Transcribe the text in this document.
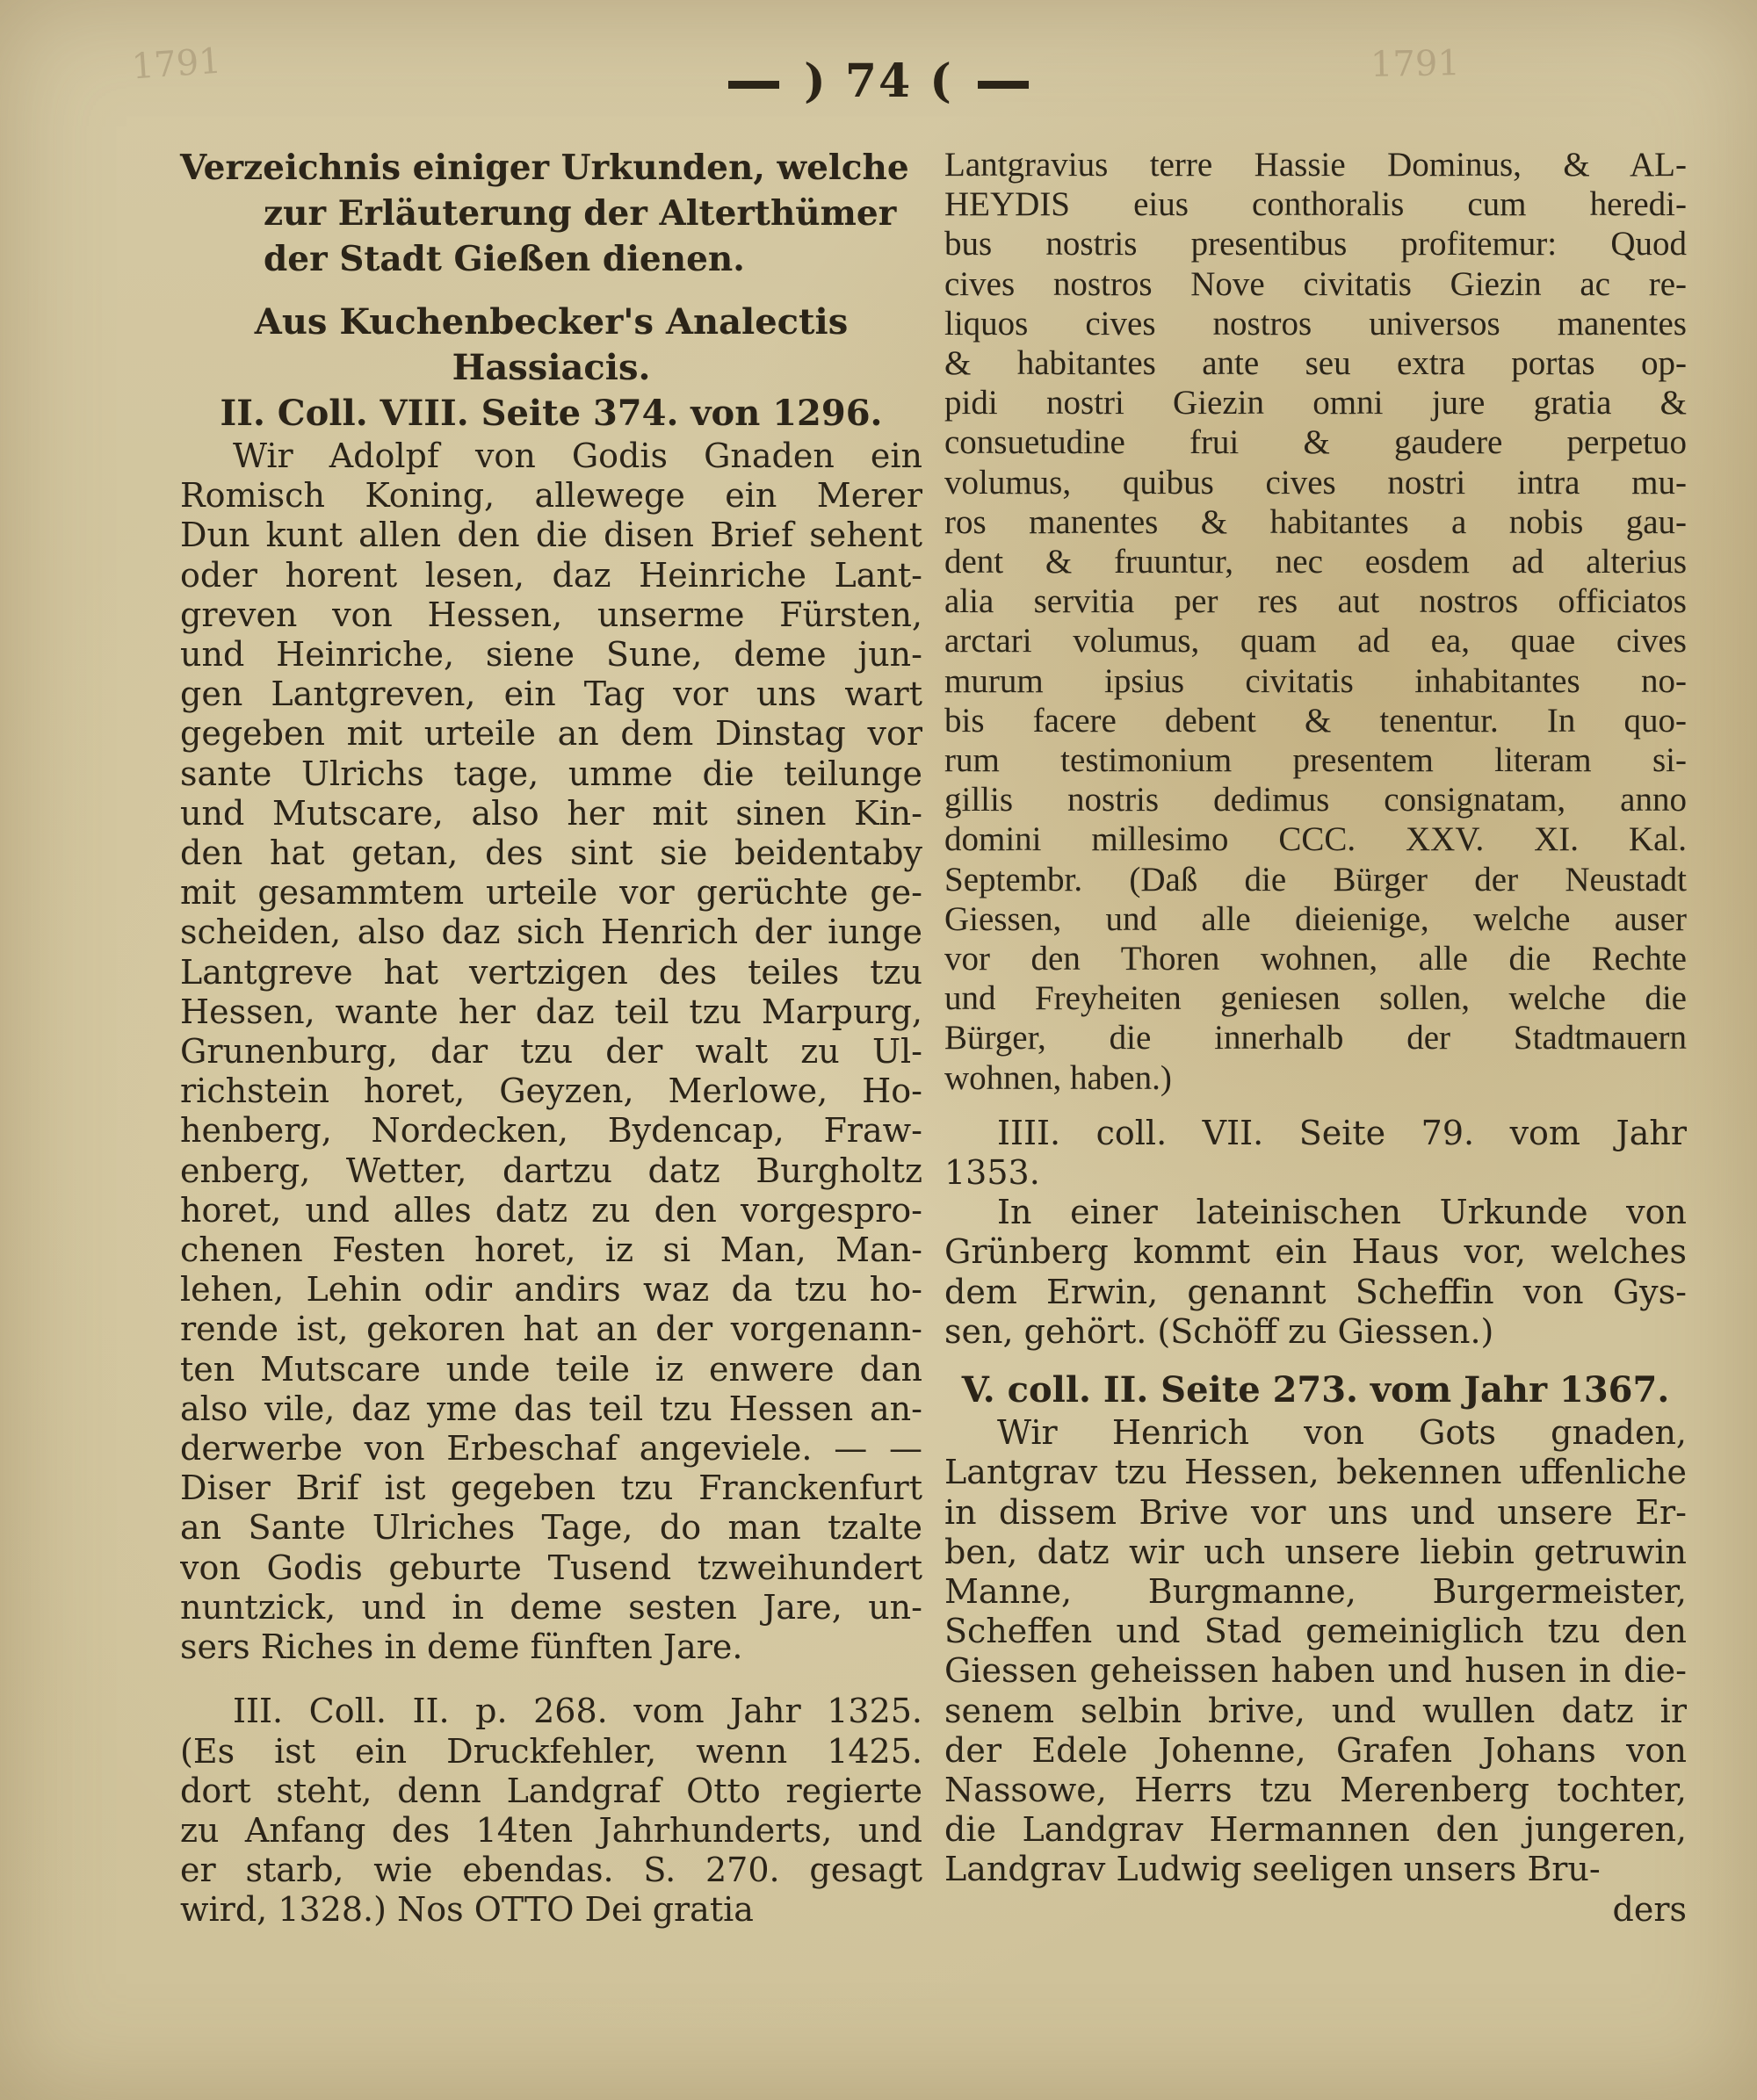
1791	1791
) 74 (
Verzeichnis einiger Urkunden, welche zur Erläuterung der Alterthümer der Stadt Gießen dienen.
Aus Kuchenbecker's Analectis Hassiacis.
II. Coll. VIII. Seite 374. von 1296.
Wir Adolpf von Godis Gnaden ein
Romisch Koning, allewege ein Merer
Dun kunt allen den die disen Brief sehent
oder horent lesen, daz Heinriche Lant-
greven von Hessen, unserme Fürsten,
und Heinriche, siene Sune, deme jun-
gen Lantgreven, ein Tag vor uns wart
gegeben mit urteile an dem Dinstag vor
sante Ulrichs tage, umme die teilunge
und Mutscare, also her mit sinen Kin-
den hat getan, des sint sie beidentaby
mit gesammtem urteile vor gerüchte ge-
scheiden, also daz sich Henrich der iunge
Lantgreve hat vertzigen des teiles tzu
Hessen, wante her daz teil tzu Marpurg,
Grunenburg, dar tzu der walt zu Ul-
richstein horet, Geyzen, Merlowe, Ho-
henberg, Nordecken, Bydencap, Fraw-
enberg, Wetter, dartzu datz Burgholtz
horet, und alles datz zu den vorgespro-
chenen Festen horet, iz si Man, Man-
lehen, Lehin odir andirs waz da tzu ho-
rende ist, gekoren hat an der vorgenann-
ten Mutscare unde teile iz enwere dan
also vile, daz yme das teil tzu Hessen an-
derwerbe von Erbeschaf angeviele. — —
Diser Brif ist gegeben tzu Franckenfurt
an Sante Ulriches Tage, do man tzalte
von Godis geburte Tusend tzweihundert
nuntzick, und in deme sesten Jare, un-
sers Riches in deme fünften Jare.
III. Coll. II. p. 268. vom Jahr 1325.
(Es ist ein Druckfehler, wenn 1425.
dort steht, denn Landgraf Otto regierte
zu Anfang des 14ten Jahrhunderts, und
er starb, wie ebendas. S. 270. gesagt
wird, 1328.) Nos OTTO Dei gratia
Lantgravius terre Hassie Dominus, & AL-
HEYDIS eius conthoralis cum heredi-
bus nostris presentibus profitemur: Quod
cives nostros Nove civitatis Giezin ac re-
liquos cives nostros universos manentes
& habitantes ante seu extra portas op-
pidi nostri Giezin omni jure gratia &
consuetudine frui & gaudere perpetuo
volumus, quibus cives nostri intra mu-
ros manentes & habitantes a nobis gau-
dent & fruuntur, nec eosdem ad alterius
alia servitia per res aut nostros officiatos
arctari volumus, quam ad ea, quae cives
murum ipsius civitatis inhabitantes no-
bis facere debent & tenentur. In quo-
rum testimonium presentem literam si-
gillis nostris dedimus consignatam, anno
domini millesimo CCC. XXV. XI. Kal.
Septembr. (Daß die Bürger der Neustadt
Giessen, und alle dieienige, welche auser
vor den Thoren wohnen, alle die Rechte
und Freyheiten geniesen sollen, welche die
Bürger, die innerhalb der Stadtmauern
wohnen, haben.)
IIII. coll. VII. Seite 79. vom Jahr
1353.
In einer lateinischen Urkunde von
Grünberg kommt ein Haus vor, welches
dem Erwin, genannt Scheffin von Gys-
sen, gehört. (Schöff zu Giessen.)
V. coll. II. Seite 273. vom Jahr 1367.
Wir Henrich von Gots gnaden,
Lantgrav tzu Hessen, bekennen uffenliche
in dissem Brive vor uns und unsere Er-
ben, datz wir uch unsere liebin getruwin
Manne, Burgmanne, Burgermeister,
Scheffen und Stad gemeiniglich tzu den
Giessen geheissen haben und husen in die-
senem selbin brive, und wullen datz ir
der Edele Johenne, Grafen Johans von
Nassowe, Herrs tzu Merenberg tochter,
die Landgrav Hermannen den jungeren,
Landgrav Ludwig seeligen unsers Bru-
ders
